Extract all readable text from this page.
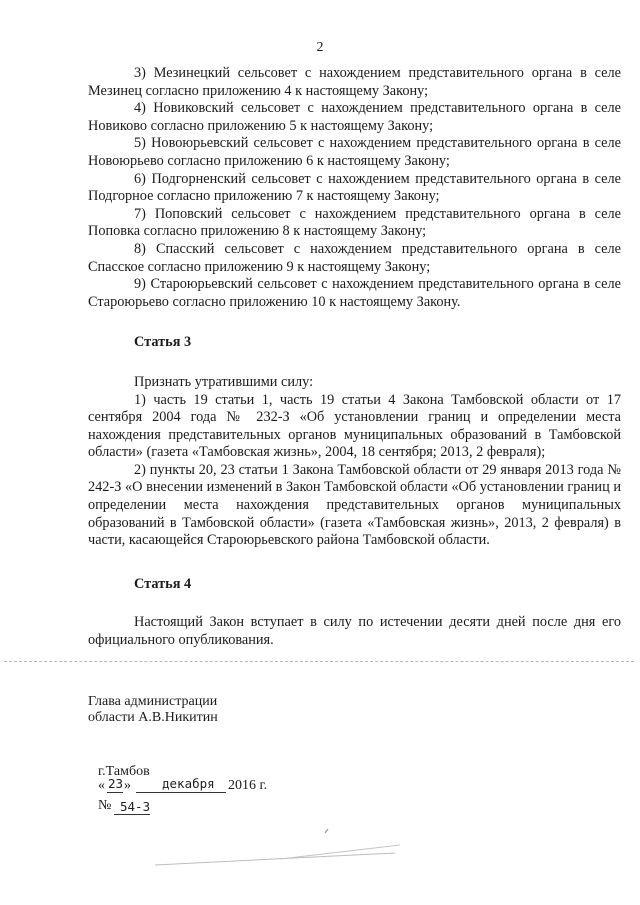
2

3) Мезинецкий сельсовет с нахождением представительного органа в селе Мезинец согласно приложению 4 к настоящему Закону;

4) Новиковский сельсовет с нахождением представительного органа в селе Новиково согласно приложению 5 к настоящему Закону;

5) Новоюрьевский сельсовет с нахождением представительного органа в селе Новоюрьево согласно приложению 6 к настоящему Закону;

6) Подгорненский сельсовет с нахождением представительного органа в селе Подгорное согласно приложению 7 к настоящему Закону;

7) Поповский сельсовет с нахождением представительного органа в селе Поповка согласно приложению 8 к настоящему Закону;

8) Спасский сельсовет с нахождением представительного органа в селе Спасское согласно приложению 9 к настоящему Закону;

9) Староюрьевский сельсовет с нахождением представительного органа в селе Староюрьево согласно приложению 10 к настоящему Закону.

Статья 3

Признать утратившими силу:

1) часть 19 статьи 1, часть 19 статьи 4 Закона Тамбовской области от 17 сентября 2004 года № 232-З «Об установлении границ и определении места нахождения представительных органов муниципальных образований в Тамбовской области» (газета «Тамбовская жизнь», 2004, 18 сентября; 2013, 2 февраля);

2) пункты 20, 23 статьи 1 Закона Тамбовской области от 29 января 2013 года № 242-З «О внесении изменений в Закон Тамбовской области «Об установлении границ и определении места нахождения представительных органов муниципальных образований в Тамбовской области» (газета «Тамбовская жизнь», 2013, 2 февраля) в части, касающейся Староюрьевского района Тамбовской области.

Статья 4

Настоящий Закон вступает в силу по истечении десяти дней после дня его официального опубликования.

Глава администрации
области А.В.Никитин
г.Тамбов
« 23 » декабря 2016 г.
№ 54-З
